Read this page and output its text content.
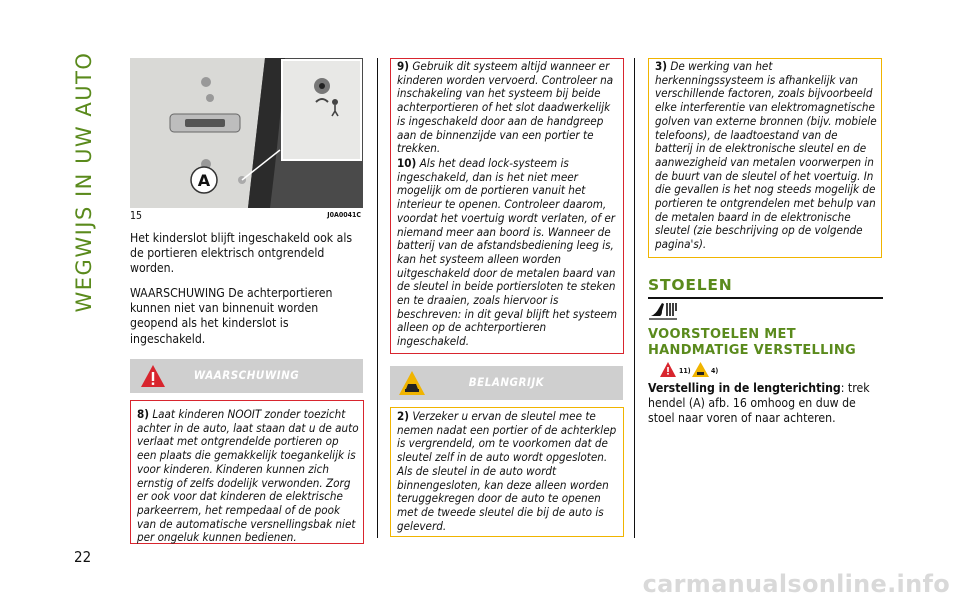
WEGWIJS IN UW AUTO
22
A
15	J0A0041C
Het kinderslot blijft ingeschakeld ook als de portieren elektrisch ontgrendeld worden.
WAARSCHUWING De achterportieren kunnen niet van binnenuit worden geopend als het kinderslot is ingeschakeld.
WAARSCHUWING
8) Laat kinderen NOOIT zonder toezicht achter in de auto, laat staan dat u de auto verlaat met ontgrendelde portieren op een plaats die gemakkelijk toegankelijk is voor kinderen. Kinderen kunnen zich ernstig of zelfs dodelijk verwonden. Zorg er ook voor dat kinderen de elektrische parkeerrem, het rempedaal of de pook van de automatische versnellingsbak niet per ongeluk kunnen bedienen.
9) Gebruik dit systeem altijd wanneer er kinderen worden vervoerd. Controleer na inschakeling van het systeem bij beide achterportieren of het slot daadwerkelijk is ingeschakeld door aan de handgreep aan de binnenzijde van een portier te trekken.
10) Als het dead lock-systeem is ingeschakeld, dan is het niet meer mogelijk om de portieren vanuit het interieur te openen. Controleer daarom, voordat het voertuig wordt verlaten, of er niemand meer aan boord is. Wanneer de batterij van de afstandsbediening leeg is, kan het systeem alleen worden uitgeschakeld door de metalen baard van de sleutel in beide portiersloten te steken en te draaien, zoals hiervoor is beschreven: in dit geval blijft het systeem alleen op de achterportieren ingeschakeld.
BELANGRIJK
2) Verzeker u ervan de sleutel mee te nemen nadat een portier of de achterklep is vergrendeld, om te voorkomen dat de sleutel zelf in de auto wordt opgesloten. Als de sleutel in de auto wordt binnengesloten, kan deze alleen worden teruggekregen door de auto te openen met de tweede sleutel die bij de auto is geleverd.
3) De werking van het herkenningssysteem is afhankelijk van verschillende factoren, zoals bijvoorbeeld elke interferentie van elektromagnetische golven van externe bronnen (bijv. mobiele telefoons), de laadtoestand van de batterij in de elektronische sleutel en de aanwezigheid van metalen voorwerpen in de buurt van de sleutel of het voertuig. In die gevallen is het nog steeds mogelijk de portieren te ontgrendelen met behulp van de metalen baard in de elektronische sleutel (zie beschrijving op de volgende pagina's).
STOELEN
VOORSTOELEN MET HANDMATIGE VERSTELLING
11)	4)
Verstelling in de lengterichting: trek hendel (A) afb. 16 omhoog en duw de stoel naar voren of naar achteren.
carmanualsonline.info
